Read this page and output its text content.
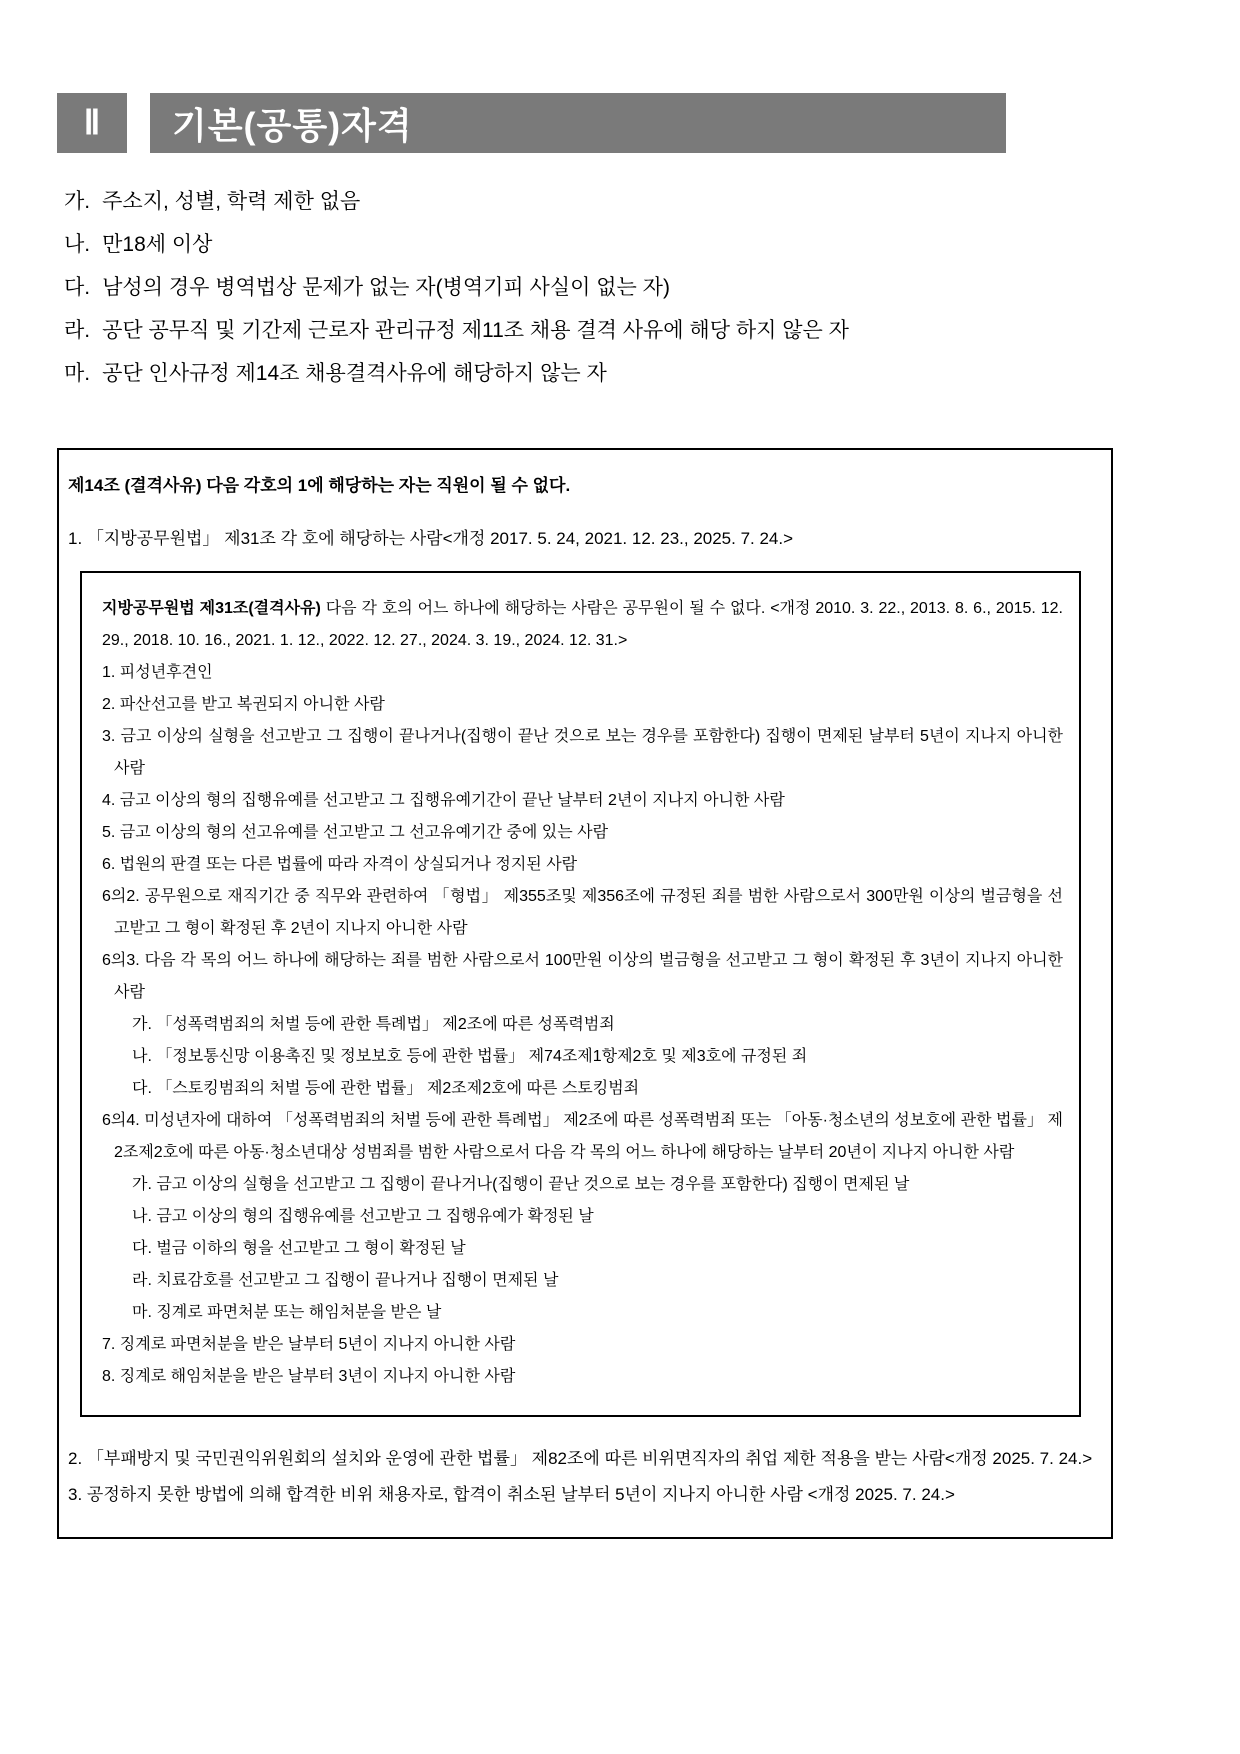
Ⅱ 기본(공통)자격
가. 주소지, 성별, 학력 제한 없음
나. 만18세 이상
다. 남성의 경우 병역법상 문제가 없는 자(병역기피 사실이 없는 자)
라. 공단 공무직 및 기간제 근로자 관리규정 제11조 채용 결격 사유에 해당 하지 않은 자
마. 공단 인사규정 제14조 채용결격사유에 해당하지 않는 자

제14조 (결격사유) 다음 각호의 1에 해당하는 자는 직원이 될 수 없다.

1. 「지방공무원법」 제31조 각 호에 해당하는 사람<개정 2017. 5. 24, 2021. 12. 23., 2025. 7. 24.>

지방공무원법 제31조(결격사유) 다음 각 호의 어느 하나에 해당하는 사람은 공무원이 될 수 없다. <개정 2010. 3. 22., 2013. 8. 6., 2015. 12. 29., 2018. 10. 16., 2021. 1. 12., 2022. 12. 27., 2024. 3. 19., 2024. 12. 31.>

1. 피성년후견인

2. 파산선고를 받고 복권되지 아니한 사람

3. 금고 이상의 실형을 선고받고 그 집행이 끝나거나(집행이 끝난 것으로 보는 경우를 포함한다) 집행이 면제된 날부터 5년이 지나지 아니한 사람

4. 금고 이상의 형의 집행유예를 선고받고 그 집행유예기간이 끝난 날부터 2년이 지나지 아니한 사람

5. 금고 이상의 형의 선고유예를 선고받고 그 선고유예기간 중에 있는 사람

6. 법원의 판결 또는 다른 법률에 따라 자격이 상실되거나 정지된 사람

6의2. 공무원으로 재직기간 중 직무와 관련하여 「형법」 제355조및 제356조에 규정된 죄를 범한 사람으로서 300만원 이상의 벌금형을 선고받고 그 형이 확정된 후 2년이 지나지 아니한 사람

6의3. 다음 각 목의 어느 하나에 해당하는 죄를 범한 사람으로서 100만원 이상의 벌금형을 선고받고 그 형이 확정된 후 3년이 지나지 아니한 사람

가. 「성폭력범죄의 처벌 등에 관한 특례법」 제2조에 따른 성폭력범죄

나. 「정보통신망 이용촉진 및 정보보호 등에 관한 법률」 제74조제1항제2호 및 제3호에 규정된 죄

다. 「스토킹범죄의 처벌 등에 관한 법률」 제2조제2호에 따른 스토킹범죄

6의4. 미성년자에 대하여 「성폭력범죄의 처벌 등에 관한 특례법」 제2조에 따른 성폭력범죄 또는 「아동·청소년의 성보호에 관한 법률」 제2조제2호에 따른 아동·청소년대상 성범죄를 범한 사람으로서 다음 각 목의 어느 하나에 해당하는 날부터 20년이 지나지 아니한 사람

가. 금고 이상의 실형을 선고받고 그 집행이 끝나거나(집행이 끝난 것으로 보는 경우를 포함한다) 집행이 면제된 날

나. 금고 이상의 형의 집행유예를 선고받고 그 집행유예가 확정된 날

다. 벌금 이하의 형을 선고받고 그 형이 확정된 날

라. 치료감호를 선고받고 그 집행이 끝나거나 집행이 면제된 날

마. 징계로 파면처분 또는 해임처분을 받은 날

7. 징계로 파면처분을 받은 날부터 5년이 지나지 아니한 사람

8. 징계로 해임처분을 받은 날부터 3년이 지나지 아니한 사람

2. 「부패방지 및 국민권익위원회의 설치와 운영에 관한 법률」 제82조에 따른 비위면직자의 취업 제한 적용을 받는 사람<개정 2025. 7. 24.>

3. 공정하지 못한 방법에 의해 합격한 비위 채용자로, 합격이 취소된 날부터 5년이 지나지 아니한 사람 <개정 2025. 7. 24.>
